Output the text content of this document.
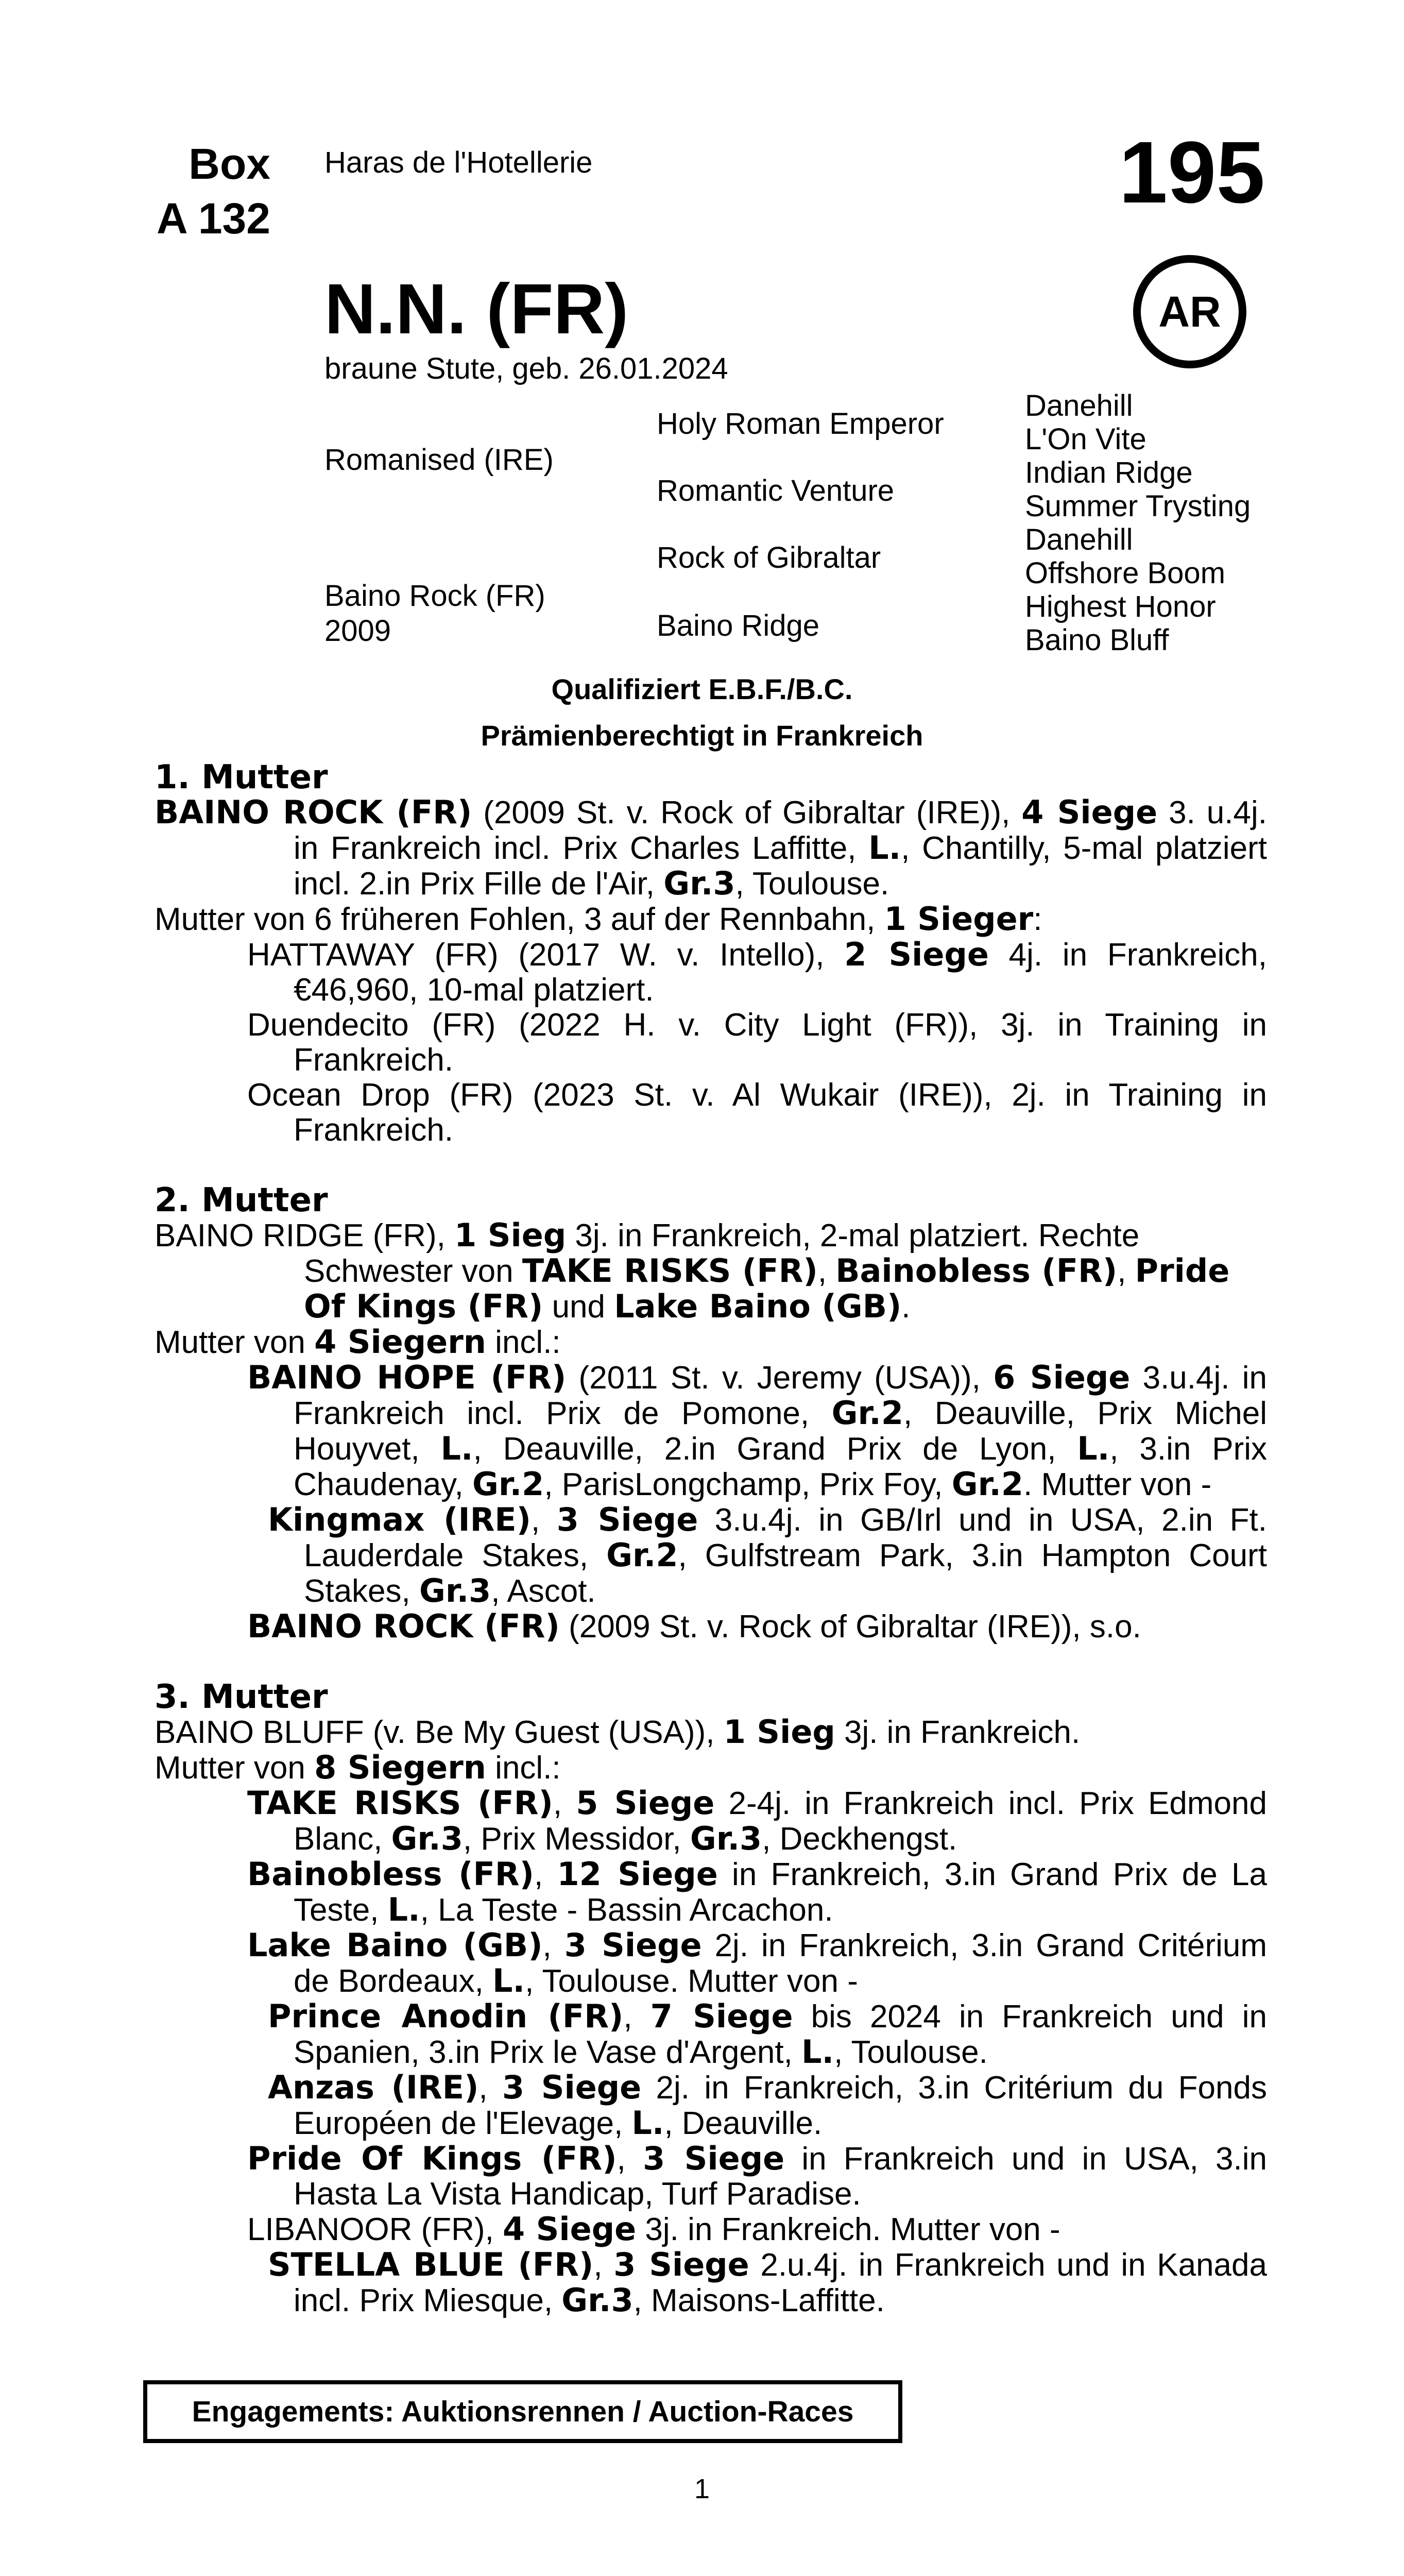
Box
A 132
Haras de l'Hotellerie	195
AR
N.N. (FR)
braune Stute, geb. 26.01.2024
Romanised (IRE)
Baino Rock (FR)
2009
Holy Roman Emperor
Romantic Venture
Rock of Gibraltar
Baino Ridge
Danehill
L'On Vite
Indian Ridge
Summer Trysting
Danehill
Offshore Boom
Highest Honor
Baino Bluff
Qualifiziert E.B.F./B.C.
Prämienberechtigt in Frankreich

1. Mutter

BAINO ROCK (FR) (2009 St. v. Rock of Gibraltar (IRE)), 4 Siege 3. u.4j. in Frankreich incl. Prix Charles Laffitte, L., Chantilly, 5-mal platziert incl. 2.in Prix Fille de l'Air, Gr.3, Toulouse.

Mutter von 6 früheren Fohlen, 3 auf der Rennbahn, 1 Sieger:

HATTAWAY (FR) (2017 W. v. Intello), 2 Siege 4j. in Frankreich, €46,960, 10-mal platziert.

Duendecito (FR) (2022 H. v. City Light (FR)), 3j. in Training in Frankreich.

Ocean Drop (FR) (2023 St. v. Al Wukair (IRE)), 2j. in Training in Frankreich.

2. Mutter

BAINO RIDGE (FR), 1 Sieg 3j. in Frankreich, 2-mal platziert. Rechte Schwester von TAKE RISKS (FR), Bainobless (FR), Pride Of Kings (FR) und Lake Baino (GB).

Mutter von 4 Siegern incl.:

BAINO HOPE (FR) (2011 St. v. Jeremy (USA)), 6 Siege 3.u.4j. in Frankreich incl. Prix de Pomone, Gr.2, Deauville, Prix Michel Houyvet, L., Deauville, 2.in Grand Prix de Lyon, L., 3.in Prix Chaudenay, Gr.2, ParisLongchamp, Prix Foy, Gr.2. Mutter von -

Kingmax (IRE), 3 Siege 3.u.4j. in GB/Irl und in USA, 2.in Ft. Lauderdale Stakes, Gr.2, Gulfstream Park, 3.in Hampton Court Stakes, Gr.3, Ascot.

BAINO ROCK (FR) (2009 St. v. Rock of Gibraltar (IRE)), s.o.

3. Mutter

BAINO BLUFF (v. Be My Guest (USA)), 1 Sieg 3j. in Frankreich.

Mutter von 8 Siegern incl.:

TAKE RISKS (FR), 5 Siege 2-4j. in Frankreich incl. Prix Edmond Blanc, Gr.3, Prix Messidor, Gr.3, Deckhengst.

Bainobless (FR), 12 Siege in Frankreich, 3.in Grand Prix de La Teste, L., La Teste - Bassin Arcachon.

Lake Baino (GB), 3 Siege 2j. in Frankreich, 3.in Grand Critérium de Bordeaux, L., Toulouse. Mutter von -

Prince Anodin (FR), 7 Siege bis 2024 in Frankreich und in Spanien, 3.in Prix le Vase d'Argent, L., Toulouse.

Anzas (IRE), 3 Siege 2j. in Frankreich, 3.in Critérium du Fonds Européen de l'Elevage, L., Deauville.

Pride Of Kings (FR), 3 Siege in Frankreich und in USA, 3.in Hasta La Vista Handicap, Turf Paradise.

LIBANOOR (FR), 4 Siege 3j. in Frankreich. Mutter von -

STELLA BLUE (FR), 3 Siege 2.u.4j. in Frankreich und in Kanada incl. Prix Miesque, Gr.3, Maisons-Laffitte.

Engagements: Auktionsrennen / Auction-Races
1
